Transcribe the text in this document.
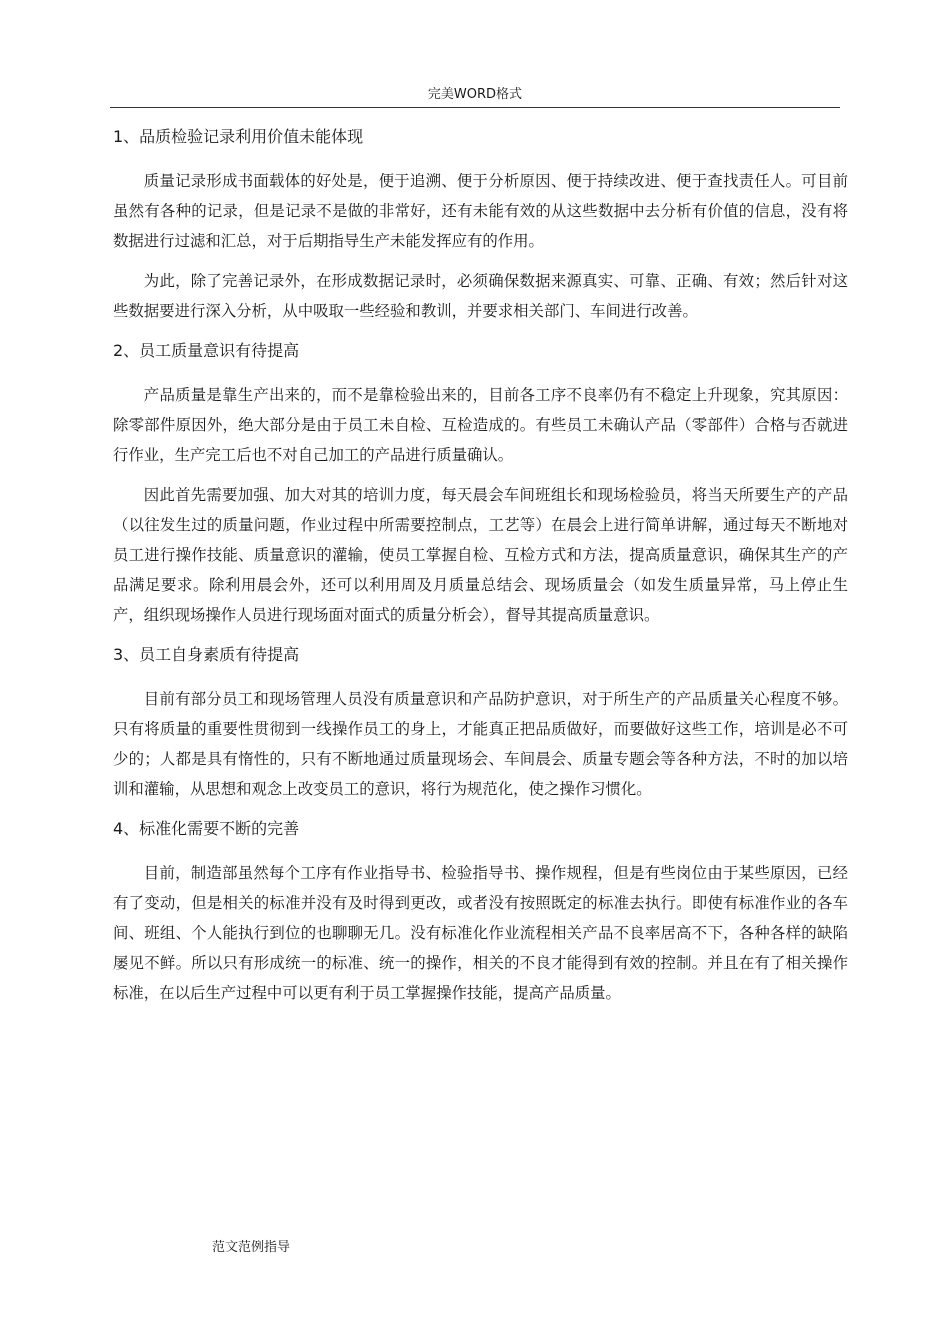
完美WORD格式
1、品质检验记录利用价值未能体现

质量记录形成书面载体的好处是，便于追溯、便于分析原因、便于持续改进、便于查找责任人。可目前虽然有各种的记录，但是记录不是做的非常好，还有未能有效的从这些数据中去分析有价值的信息，没有将数据进行过滤和汇总，对于后期指导生产未能发挥应有的作用。

为此，除了完善记录外，在形成数据记录时，必须确保数据来源真实、可靠、正确、有效；然后针对这些数据要进行深入分析，从中吸取一些经验和教训，并要求相关部门、车间进行改善。

2、员工质量意识有待提高

产品质量是靠生产出来的，而不是靠检验出来的，目前各工序不良率仍有不稳定上升现象，究其原因：除零部件原因外，绝大部分是由于员工未自检、互检造成的。有些员工未确认产品（零部件）合格与否就进行作业，生产完工后也不对自己加工的产品进行质量确认。

因此首先需要加强、加大对其的培训力度，每天晨会车间班组长和现场检验员，将当天所要生产的产品（以往发生过的质量问题，作业过程中所需要控制点，工艺等）在晨会上进行简单讲解，通过每天不断地对员工进行操作技能、质量意识的灌输，使员工掌握自检、互检方式和方法，提高质量意识，确保其生产的产品满足要求。除利用晨会外，还可以利用周及月质量总结会、现场质量会（如发生质量异常，马上停止生产，组织现场操作人员进行现场面对面式的质量分析会），督导其提高质量意识。

3、员工自身素质有待提高

目前有部分员工和现场管理人员没有质量意识和产品防护意识，对于所生产的产品质量关心程度不够。只有将质量的重要性贯彻到一线操作员工的身上，才能真正把品质做好，而要做好这些工作，培训是必不可少的；人都是具有惰性的，只有不断地通过质量现场会、车间晨会、质量专题会等各种方法，不时的加以培训和灌输，从思想和观念上改变员工的意识，将行为规范化，使之操作习惯化。

4、标准化需要不断的完善

目前，制造部虽然每个工序有作业指导书、检验指导书、操作规程，但是有些岗位由于某些原因，已经有了变动，但是相关的标准并没有及时得到更改，或者没有按照既定的标准去执行。即使有标准作业的各车间、班组、个人能执行到位的也聊聊无几。没有标准化作业流程相关产品不良率居高不下，各种各样的缺陷屡见不鲜。所以只有形成统一的标准、统一的操作，相关的不良才能得到有效的控制。并且在有了相关操作标准，在以后生产过程中可以更有利于员工掌握操作技能，提高产品质量。

范文范例指导
